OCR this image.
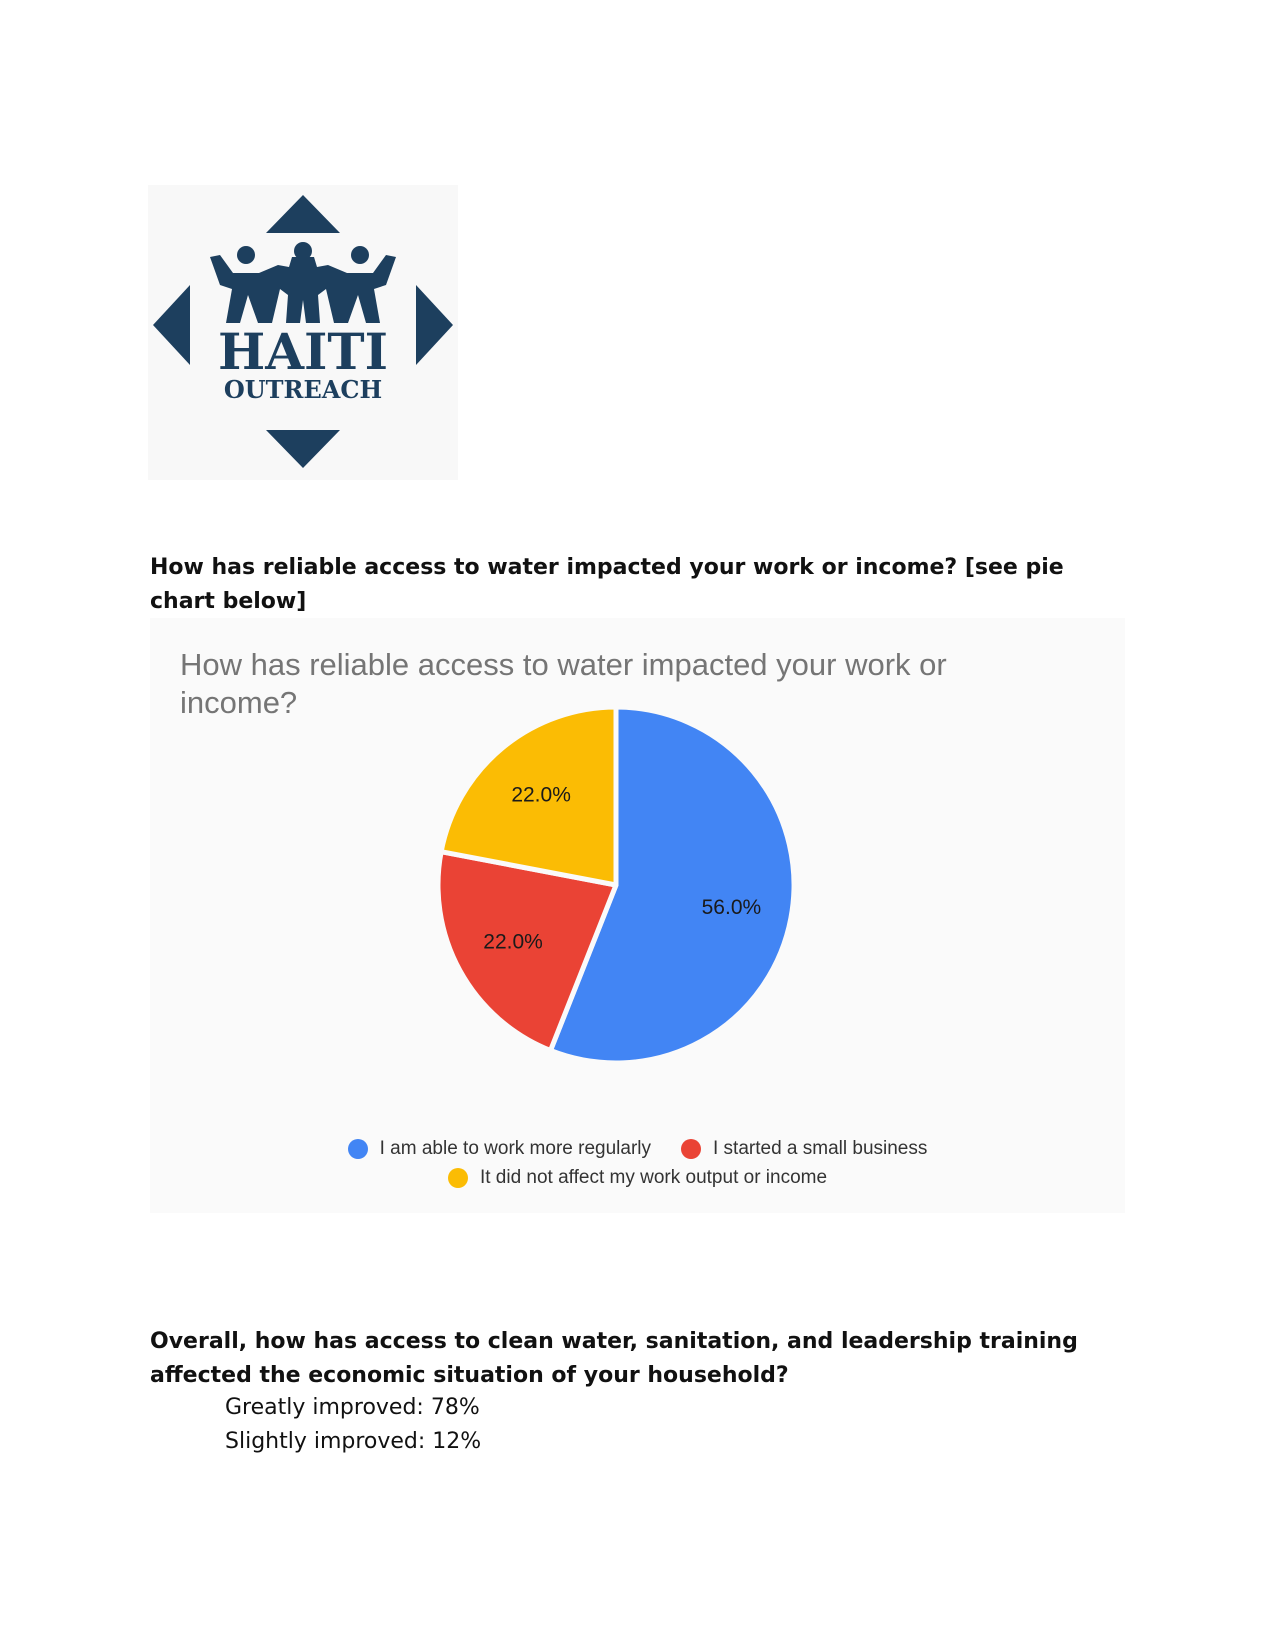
HAITI
OUTREACH

How has reliable access to water impacted your work or income? [see pie chart below]

How has reliable access to water impacted your work or income?

56.0%
22.0%
22.0%
I am able to work more regularly	I started a small business
It did not affect my work output or income

Overall, how has access to clean water, sanitation, and leadership training affected the economic situation of your household?

Greatly improved: 78%
Slightly improved: 12%
